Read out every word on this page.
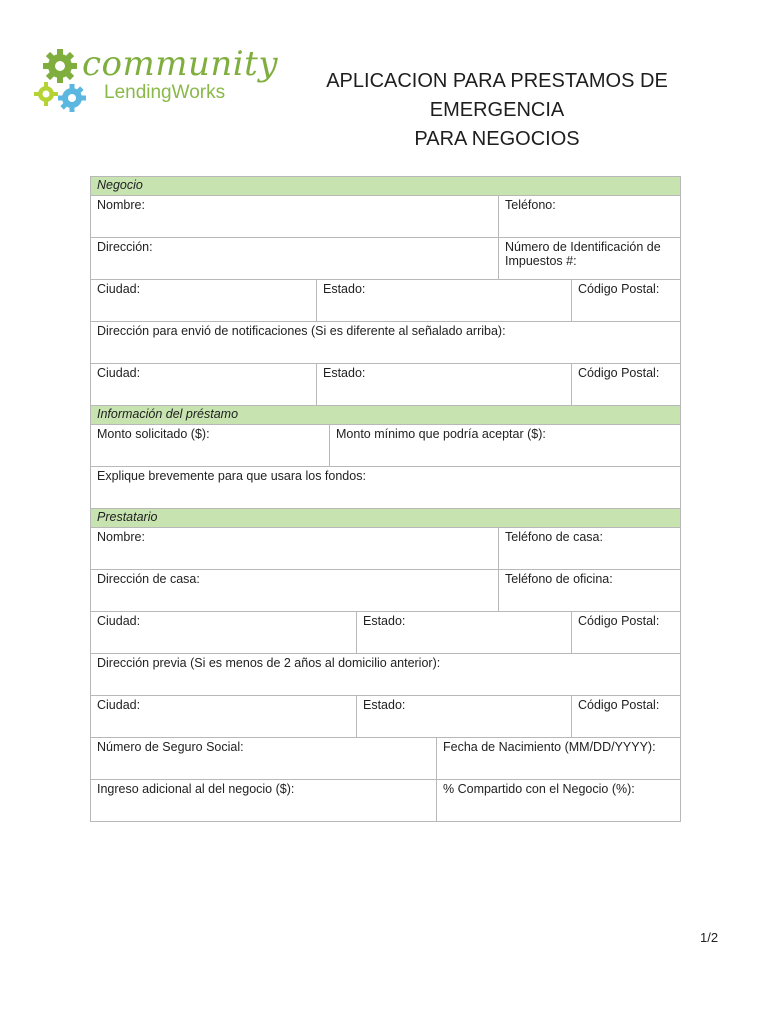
community
LendingWorks
APLICACION PARA PRESTAMOS DE EMERGENCIA
PARA NEGOCIOS
Negocio						
Nombre:					Teléfono:	
Dirección:					Número de Identificación de Impuestos #:	
Ciudad:	Estado:					Código Postal:
Dirección para envió de notificaciones (Si es diferente al señalado arriba):						
Ciudad:	Estado:					Código Postal:
Información del préstamo						
Monto solicitado ($):		Monto mínimo que podría aceptar ($):				
Explique brevemente para que usara los fondos:						
Prestatario						
Nombre:					Teléfono de casa:	
Dirección de casa:					Teléfono de oficina:	
Ciudad:			Estado:			Código Postal:
Dirección previa (Si es menos de 2 años al domicilio anterior):						
Ciudad:			Estado:			Código Postal:
Número de Seguro Social:				Fecha de Nacimiento (MM/DD/YYYY):		
Ingreso adicional al del negocio ($):				% Compartido con el Negocio (%):		
1/2
